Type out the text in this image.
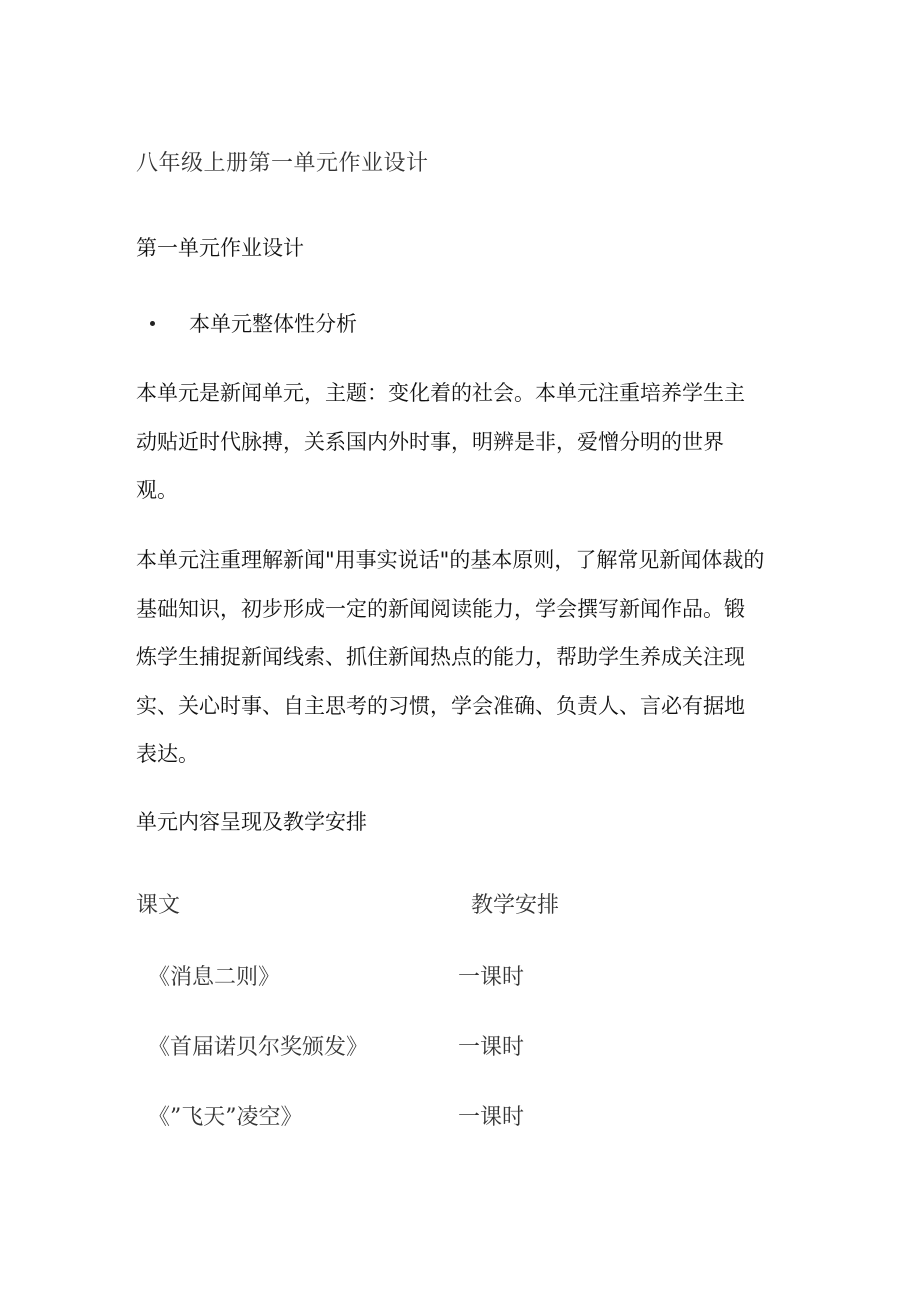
八年级上册第一单元作业设计
第一单元作业设计
本单元整体性分析
本单元是新闻单元，主题：变化着的社会。本单元注重培养学生主
动贴近时代脉搏，关系国内外时事，明辨是非，爱憎分明的世界
观。
本单元注重理解新闻"用事实说话"的基本原则，了解常见新闻体裁的
基础知识，初步形成一定的新闻阅读能力，学会撰写新闻作品。锻
炼学生捕捉新闻线索、抓住新闻热点的能力，帮助学生养成关注现
实、关心时事、自主思考的习惯，学会准确、负责人、言必有据地
表达。
单元内容呈现及教学安排
课文	教学安排
《消息二则》	一课时
《首届诺贝尔奖颁发》	一课时
《”飞天”凌空》	一课时
